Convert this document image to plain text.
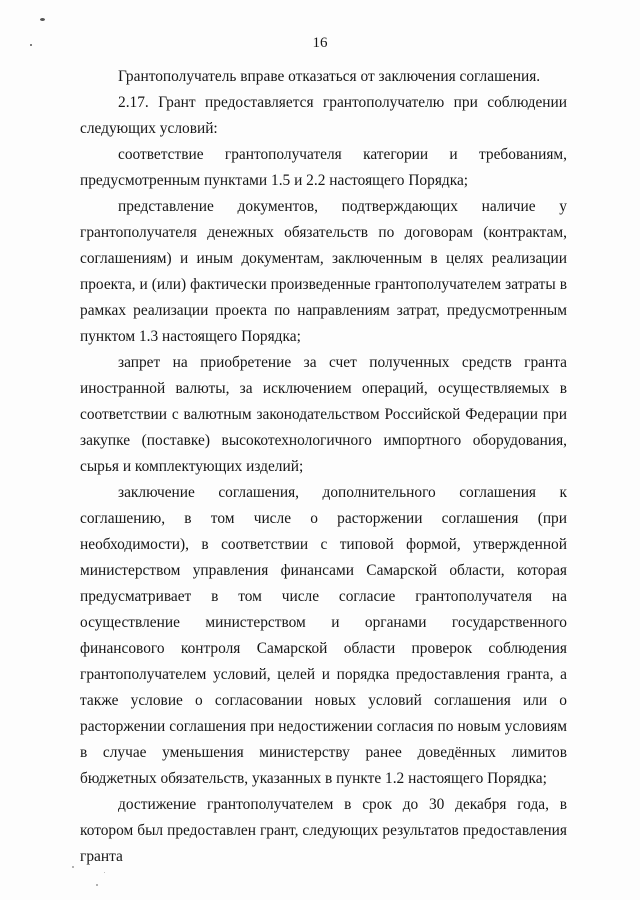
16

Грантополучатель вправе отказаться от заключения соглашения.

2.17. Грант предоставляется грантополучателю при соблюдении следующих условий:

соответствие грантополучателя категории и требованиям, предусмотренным пунктами 1.5 и 2.2 настоящего Порядка;

представление документов, подтверждающих наличие у грантополучателя денежных обязательств по договорам (контрактам, соглашениям) и иным документам, заключенным в целях реализации проекта, и (или) фактически произведенные грантополучателем затраты в рамках реализации проекта по направлениям затрат, предусмотренным пунктом 1.3 настоящего Порядка;

запрет на приобретение за счет полученных средств гранта иностранной валюты, за исключением операций, осуществляемых в соответствии с валютным законодательством Российской Федерации при закупке (поставке) высокотехнологичного импортного оборудования, сырья и комплектующих изделий;

заключение соглашения, дополнительного соглашения к соглашению, в том числе о расторжении соглашения (при необходимости), в соответствии с типовой формой, утвержденной министерством управления финансами Самарской области, которая предусматривает в том числе согласие грантополучателя на осуществление министерством и органами государственного финансового контроля Самарской области проверок соблюдения грантополучателем условий, целей и порядка предоставления гранта, а также условие о согласовании новых условий соглашения или о расторжении соглашения при недостижении согласия по новым условиям в случае уменьшения министерству ранее доведённых лимитов бюджетных обязательств, указанных в пункте 1.2 настоящего Порядка;

достижение грантополучателем в срок до 30 декабря года, в котором был предоставлен грант, следующих результатов предоставления гранта
